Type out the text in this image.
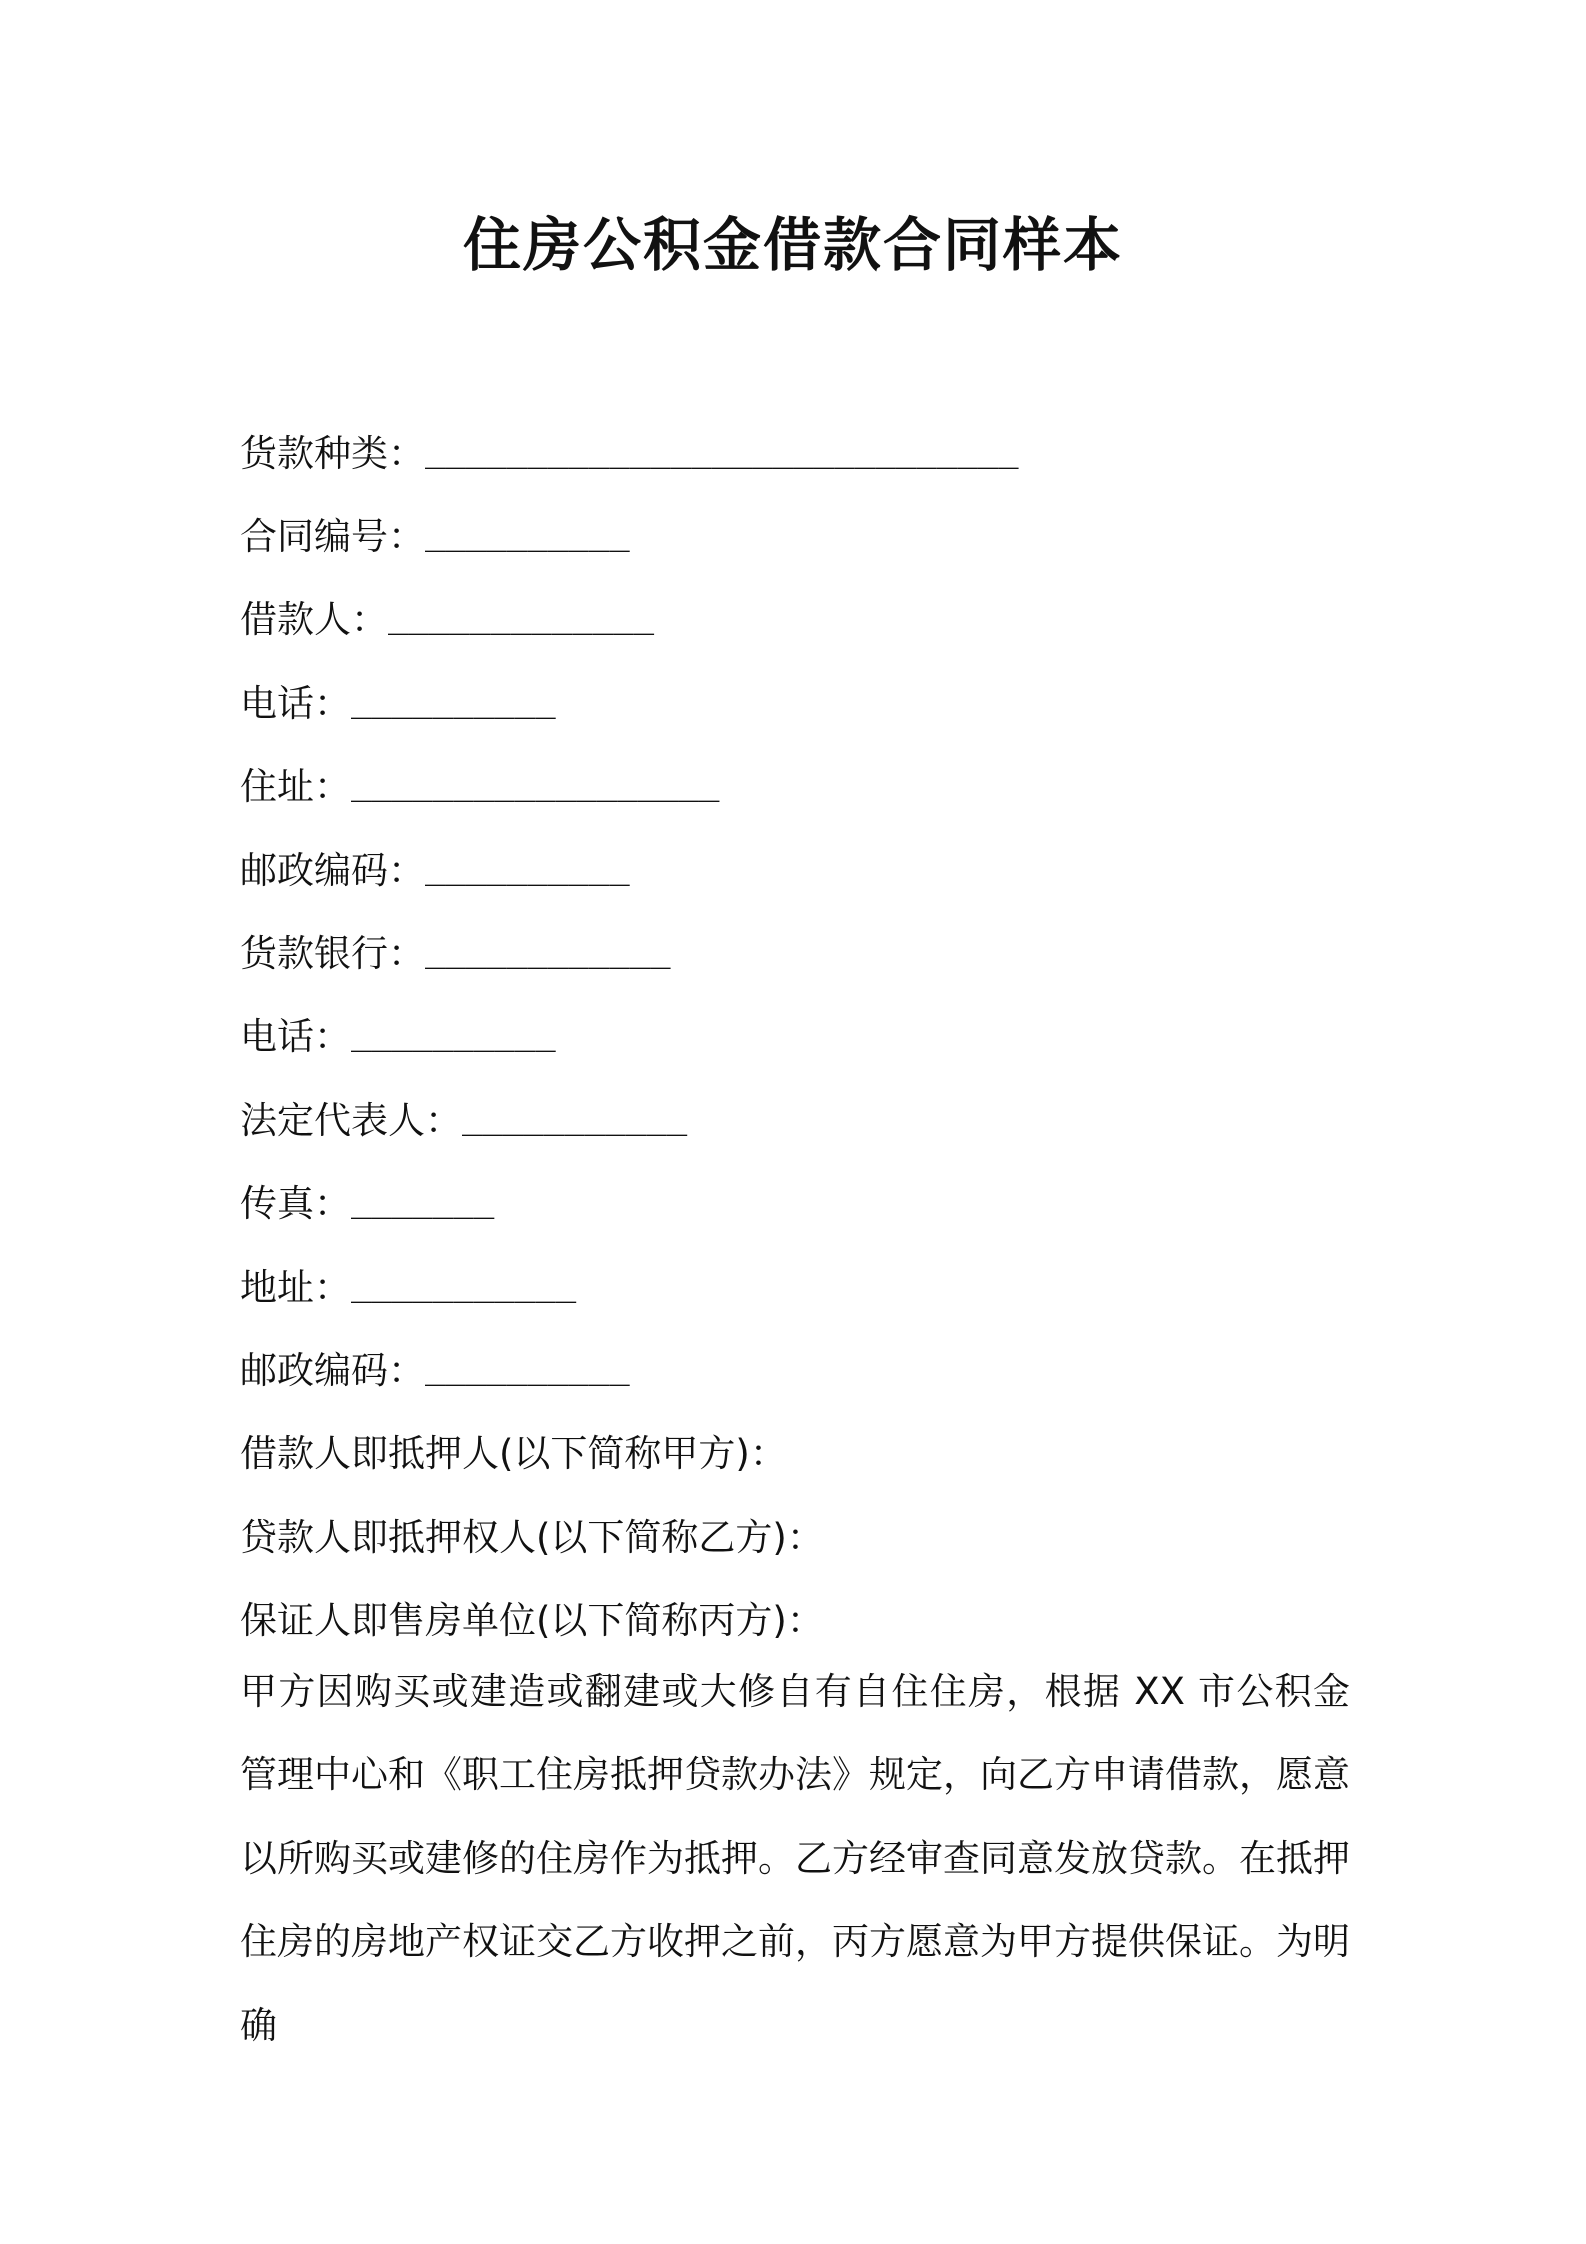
住房公积金借款合同样本
货款种类： _____________________________
合同编号： __________
借款人： _____________
电话： __________
住址： __________________
邮政编码： __________
货款银行： ____________
电话： __________
法定代表人： ___________
传真： _______
地址： ___________
邮政编码： __________
借款人即抵押人(以下简称甲方)：
贷款人即抵押权人(以下简称乙方)：
保证人即售房单位(以下简称丙方)：

甲方因购买或建造或翻建或大修自有自住住房，根据 XX 市公积金管理中心和《职工住房抵押贷款办法》规定，向乙方申请借款，愿意以所购买或建修的住房作为抵押。乙方经审查同意发放贷款。在抵押住房的房地产权证交乙方收押之前，丙方愿意为甲方提供保证。为明确
